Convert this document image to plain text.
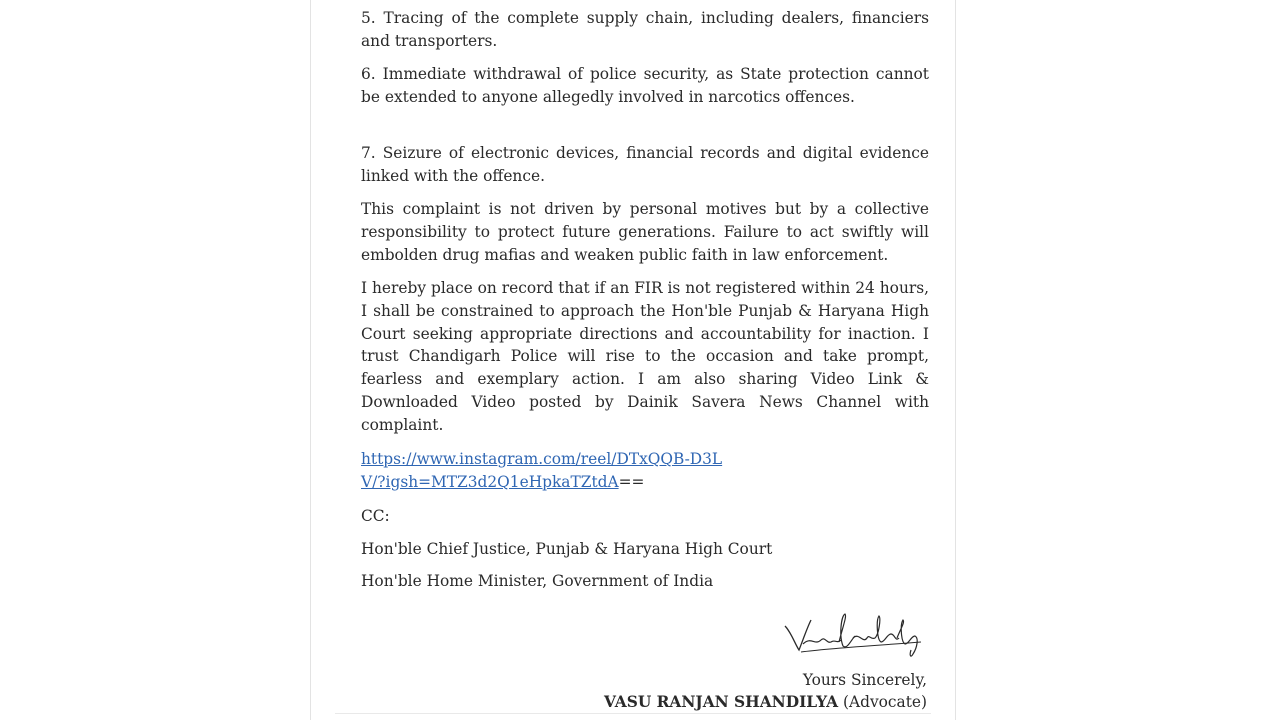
5. Tracing of the complete supply chain, including dealers, financiers and transporters.

6. Immediate withdrawal of police security, as State protection cannot be extended to anyone allegedly involved in narcotics offences.

7. Seizure of electronic devices, financial records and digital evidence linked with the offence.

This complaint is not driven by personal motives but by a collective responsibility to protect future generations. Failure to act swiftly will embolden drug mafias and weaken public faith in law enforcement.

I hereby place on record that if an FIR is not registered within 24 hours, I shall be constrained to approach the Hon'ble Punjab & Haryana High Court seeking appropriate directions and accountability for inaction. I trust Chandigarh Police will rise to the occasion and take prompt, fearless and exemplary action. I am also sharing Video Link & Downloaded Video posted by Dainik Savera News Channel with complaint.

https://www.instagram.com/reel/DTxQQB-D3LV/?igsh=MTZ3d2Q1eHpkaTZtdA==

CC:

Hon'ble Chief Justice, Punjab & Haryana High Court

Hon'ble Home Minister, Government of India

Yours Sincerely,
VASU RANJAN SHANDILYA (Advocate)
